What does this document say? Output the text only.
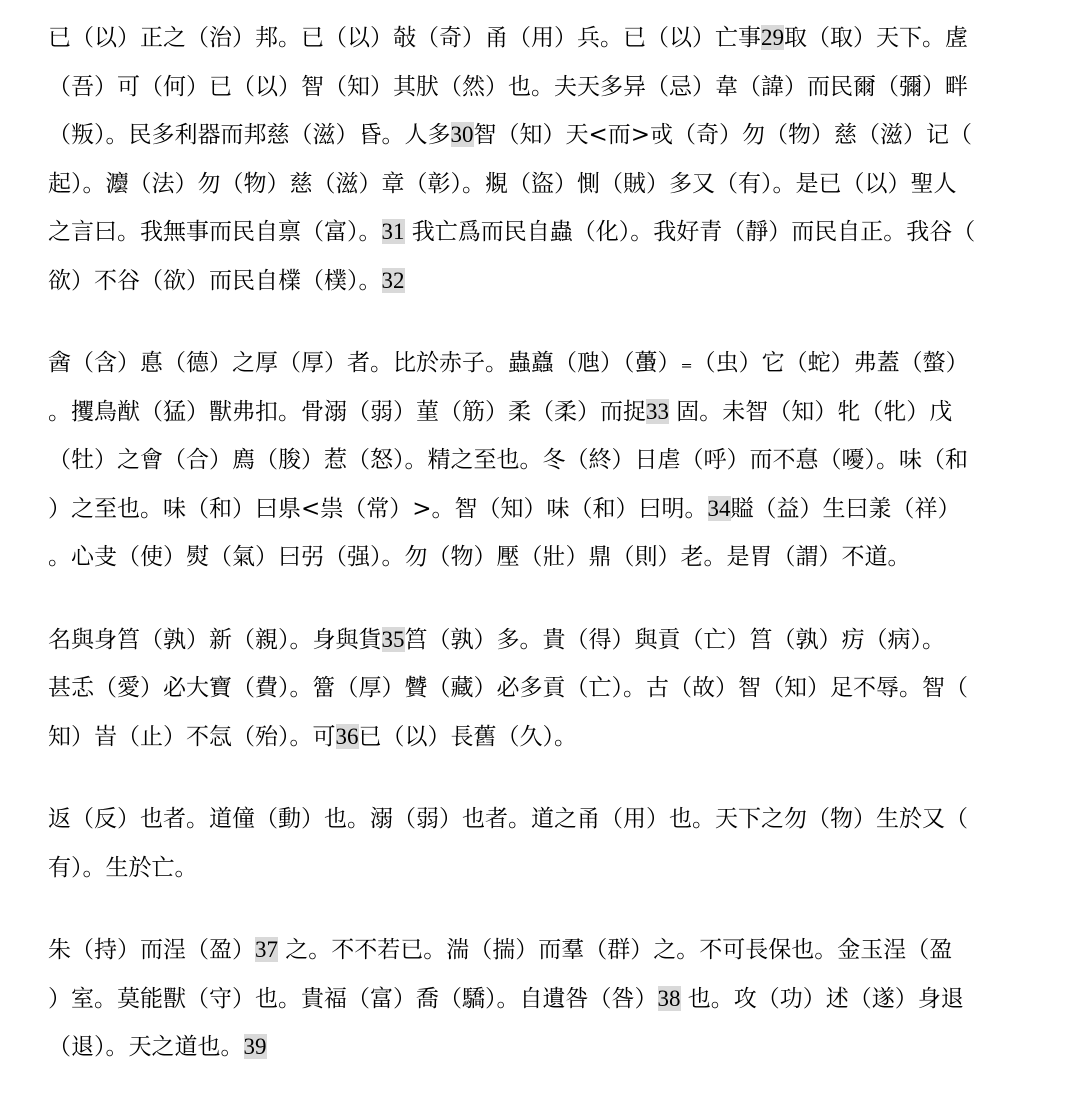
已（以）正之（治）邦。已（以）敧（奇）甬（用）兵。已（以）亡事29取（取）天下。虗
（吾）可（何）已（以）智（知）其肰（然）也。夫天多异（忌）韋（諱）而民爾（彌）畔
（叛）。民多利器而邦慈（滋）昏。人多30智（知）天<而>戓（奇）勿（物）慈（滋）记（
起）。灋（法）勿（物）慈（滋）章（彰）。覜（盜）惻（賊）多又（有）。是已（以）聖人
之言曰。我無事而民自禀（富）。31 我亡爲而民自蟲（化）。我好青（靜）而民自正。我谷（
欲）不谷（欲）而民自檏（樸）。32
酓（含）悳（德）之厚（厚）者。比於赤子。蟲蠤（虺）（蠆）₌（虫）它（蛇）弗蓋（螫）
。攫鳥猷（猛）獸弗扣。骨溺（弱）菫（筋）柔（柔）而捉33 固。未智（知）牝（牝）戊
（牡）之會（合）廌（朘）惹（怒）。精之至也。冬（終）日虐（呼）而不惪（嚘）。味（和
）之至也。味（和）曰県<祟（常）>。智（知）味（和）曰明。34賹（益）生曰羕（祥）
。心叏（使）熨（氣）曰弜（强）。勿（物）壓（壯）鼎（則）老。是胃（謂）不道。
名與身筥（孰）新（親）。身與貨35筥（孰）多。貴（得）與貢（亡）筥（孰）疠（病）。
甚忎（愛）必大寶（費）。簹（厚）贙（藏）必多貢（亡）。古（故）智（知）足不辱。智（
知）峕（止）不忥（殆）。可36已（以）長舊（久）。
返（反）也者。道僮（動）也。溺（弱）也者。道之甬（用）也。天下之勿（物）生於又（
有）。生於亡。
朱（持）而浧（盈）37 之。不不若已。湍（揣）而羣（群）之。不可長保也。金玉浧（盈
）室。莫能獸（守）也。貴福（富）喬（驕）。自遺咎（咎）38 也。攻（功）述（遂）身退
（退）。天之道也。39
